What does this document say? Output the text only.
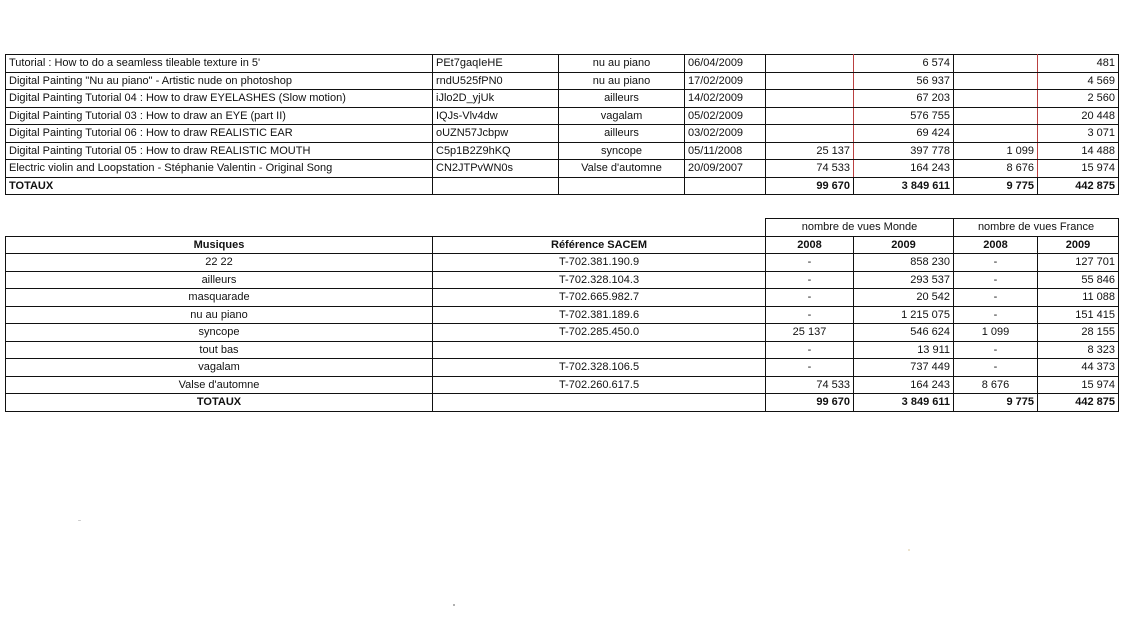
Tutorial : How to do a seamless tileable texture in 5'	PEt7gaqIeHE	nu au piano	06/04/2009		6 574		481
Digital Painting "Nu au piano" - Artistic nude on photoshop	rndU525fPN0	nu au piano	17/02/2009		56 937		4 569
Digital Painting Tutorial 04 : How to draw EYELASHES (Slow motion)	iJlo2D_yjUk	ailleurs	14/02/2009		67 203		2 560
Digital Painting Tutorial 03 : How to draw an EYE (part II)	IQJs-Vlv4dw	vagalam	05/02/2009		576 755		20 448
Digital Painting Tutorial 06 : How to draw REALISTIC EAR	oUZN57Jcbpw	ailleurs	03/02/2009		69 424		3 071
Digital Painting Tutorial 05 : How to draw REALISTIC MOUTH	C5p1B2Z9hKQ	syncope	05/11/2008	25 137	397 778	1 099	14 488
Electric violin and Loopstation - Stéphanie Valentin - Original Song	CN2JTPvWN0s	Valse d'automne	20/09/2007	74 533	164 243	8 676	15 974
TOTAUX				99 670	3 849 611	9 775	442 875
		nombre de vues Monde		nombre de vues France	
Musiques	Référence SACEM	2008	2009	2008	2009
22 22	T-702.381.190.9	-	858 230	-	127 701
ailleurs	T-702.328.104.3	-	293 537	-	55 846
masquarade	T-702.665.982.7	-	20 542	-	11 088
nu au piano	T-702.381.189.6	-	1 215 075	-	151 415
syncope	T-702.285.450.0	25 137	546 624	1 099	28 155
tout bas		-	13 911	-	8 323
vagalam	T-702.328.106.5	-	737 449	-	44 373
Valse d'automne	T-702.260.617.5	74 533	164 243	8 676	15 974
TOTAUX		99 670	3 849 611	9 775	442 875
